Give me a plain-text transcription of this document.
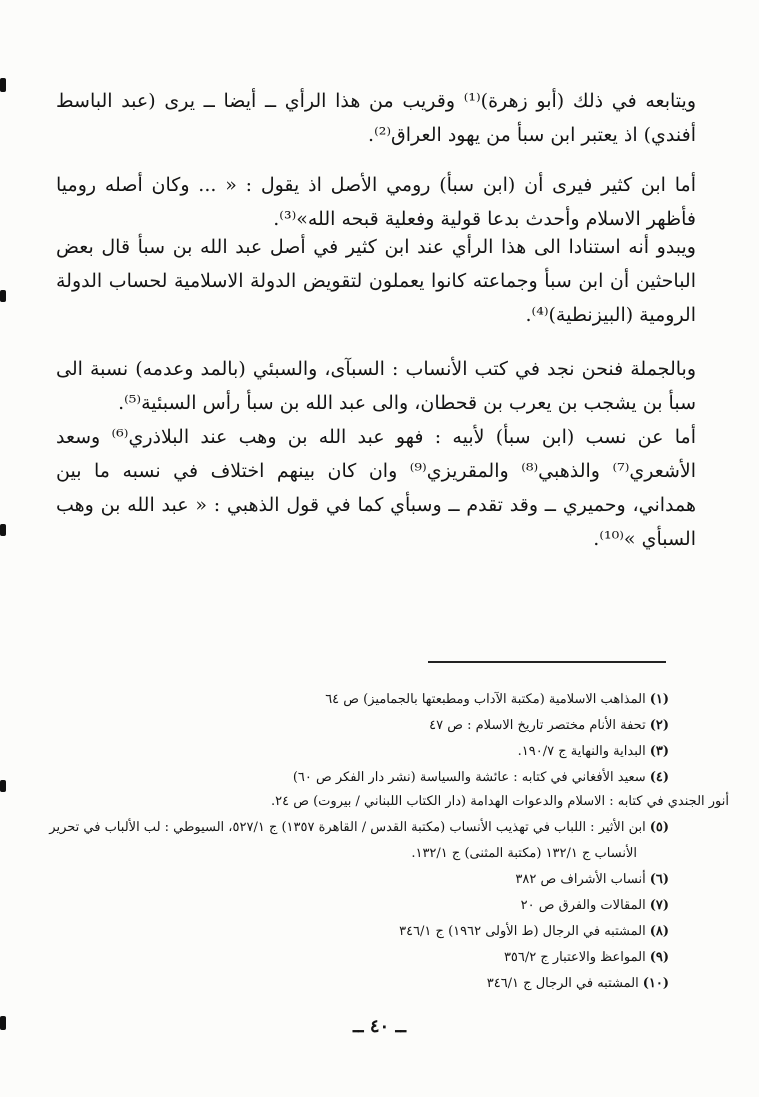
ويتابعه في ذلك (أبو زهرة)⁽¹⁾ وقريب من هذا الرأي ــ أيضا ــ يرى (عبد الباسط أفندي) اذ يعتبر ابن سبأ من يهود العراق⁽²⁾.

أما ابن كثير فيرى أن (ابن سبأ) رومي الأصل اذ يقول : « ... وكان أصله روميا فأظهر الاسلام وأحدث بدعا قولية وفعلية قبحه الله»⁽³⁾.

ويبدو أنه استنادا الى هذا الرأي عند ابن كثير في أصل عبد الله بن سبأ قال بعض الباحثين أن ابن سبأ وجماعته كانوا يعملون لتقويض الدولة الاسلامية لحساب الدولة الرومية (البيزنطية)⁽⁴⁾.

وبالجملة فنحن نجد في كتب الأنساب : السبآى، والسبئي (بالمد وعدمه) نسبة الى سبأ بن يشجب بن يعرب بن قحطان، والى عبد الله بن سبأ رأس السبئية⁽⁵⁾.

أما عن نسب (ابن سبأ) لأبيه : فهو عبد الله بن وهب عند البلاذري⁽⁶⁾ وسعد الأشعري⁽⁷⁾ والذهبي⁽⁸⁾ والمقريزي⁽⁹⁾ وان كان بينهم اختلاف في نسبه ما بين همداني، وحميري ــ وقد تقدم ــ وسبأي كما في قول الذهبي : « عبد الله بن وهب السبأي »⁽¹⁰⁾.

(١)المذاهب الاسلامية (مكتبة الآداب ومطبعتها بالجماميز) ص ٦٤
(٢)تحفة الأنام مختصر تاريخ الاسلام : ص ٤٧
(٣)البداية والنهاية ج ١٩٠/٧.
(٤)سعيد الأفغاني في كتابه : عائشة والسياسة (نشر دار الفكر ص ٦٠)
أنور الجندي في كتابه : الاسلام والدعوات الهدامة (دار الكتاب اللبناني / بيروت) ص ٢٤.
(٥)ابن الأثير : اللباب في تهذيب الأنساب (مكتبة القدس / القاهرة ١٣٥٧) ج ٥٢٧/١، السيوطي : لب الألباب في تحرير
الأنساب ج ١٣٢/١ (مكتبة المثنى) ج ١٣٢/١.
(٦)أنساب الأشراف ص ٣٨٢
(٧)المقالات والفرق ص ٢٠
(٨)المشتبه في الرجال (ط الأولى ١٩٦٢) ج ٣٤٦/١
(٩)المواعظ والاعتبار ج ٣٥٦/٢
(١٠)المشتبه في الرجال ج ٣٤٦/١
ــ ٤٠ ــ
